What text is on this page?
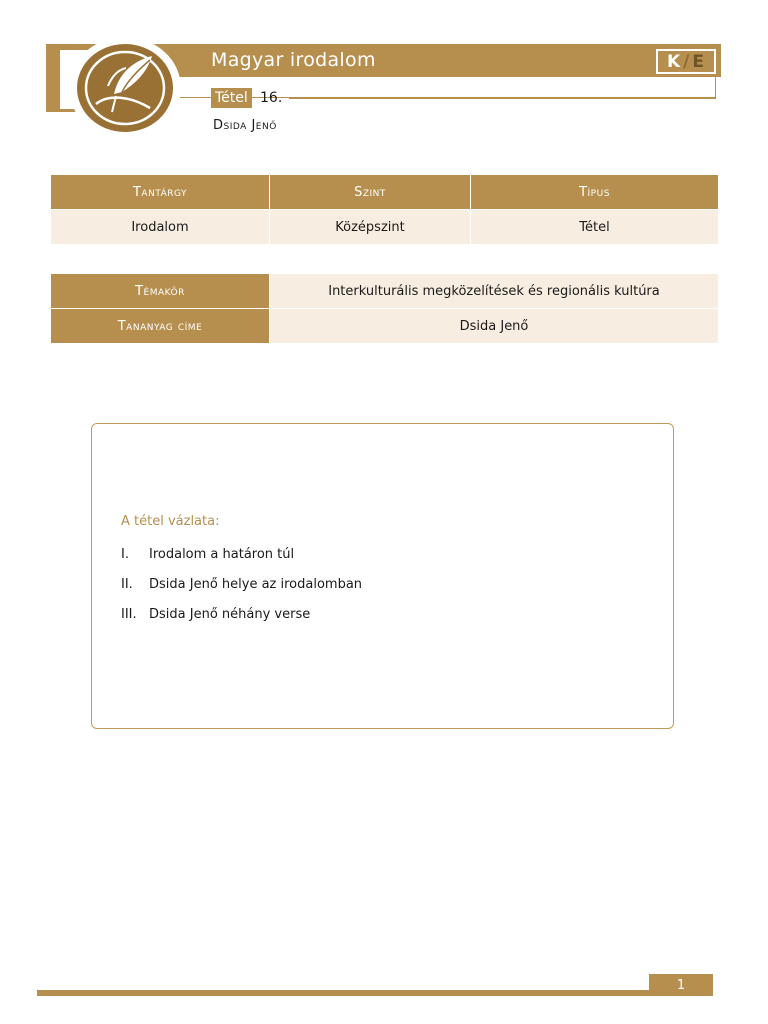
Magyar irodalom	K / E
Tétel 16.
Dsida Jenő
Tantárgy	Szint	Típus
Irodalom	Középszint	Tétel
Témakör	Interkulturális megközelítések és regionális kultúra
Tananyag címe	Dsida Jenő
A tétel vázlata:
I.	Irodalom a határon túl
II.	Dsida Jenő helye az irodalomban
III. Dsida Jenő néhány verse
1
